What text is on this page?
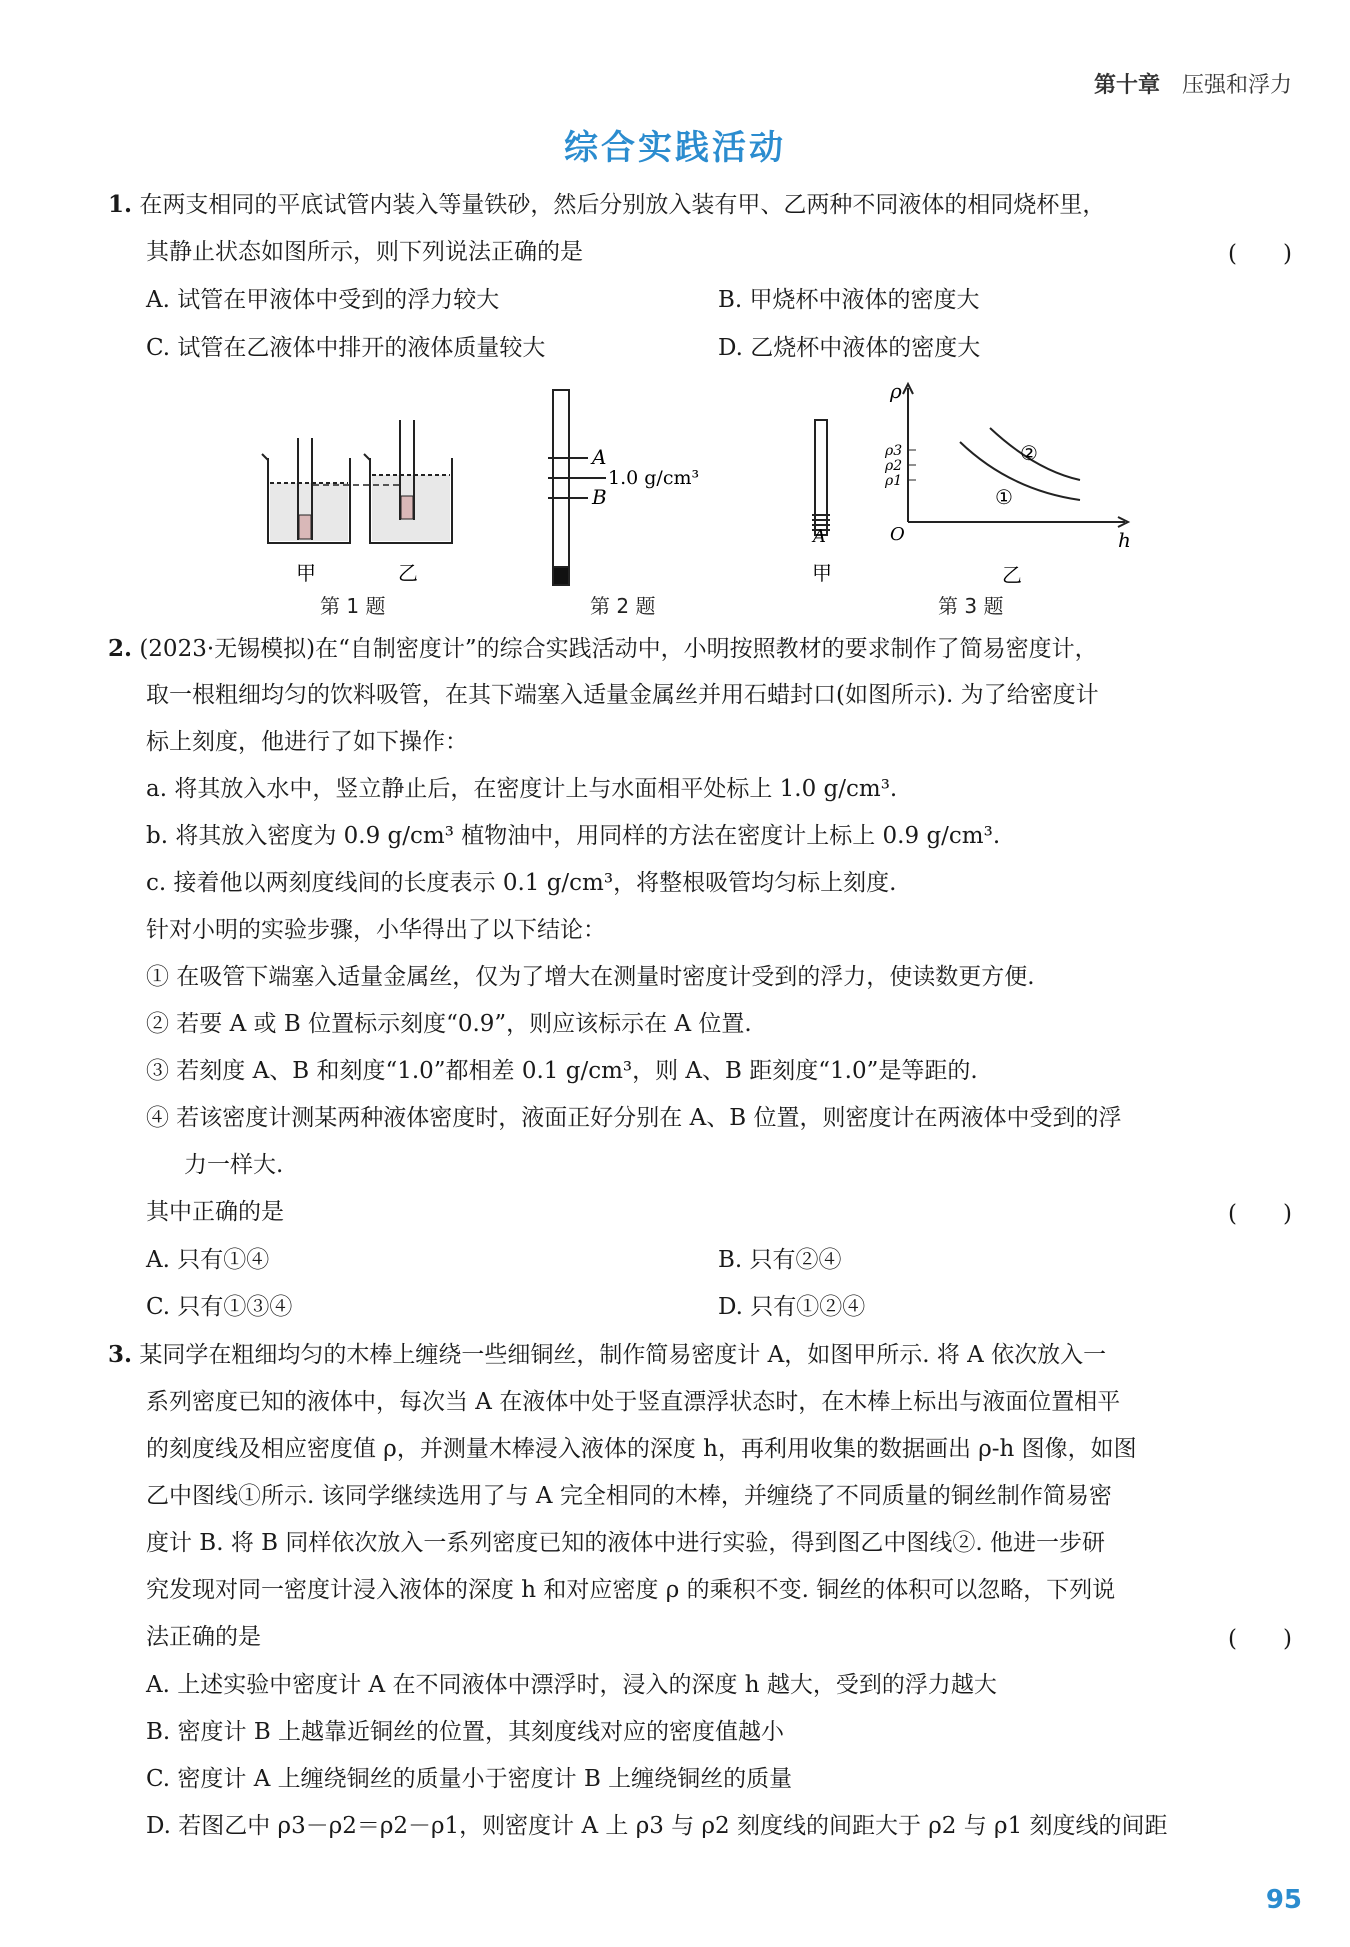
第十章 压强和浮力
综合实践活动
1. 在两支相同的平底试管内装入等量铁砂，然后分别放入装有甲、乙两种不同液体的相同烧杯里，
其静止状态如图所示，则下列说法正确的是	(　　)
A. 试管在甲液体中受到的浮力较大	B. 甲烧杯中液体的密度大
C. 试管在乙液体中排开的液体质量较大	D. 乙烧杯中液体的密度大
甲	乙
A
1.0 g/cm³
B
A
甲
ρ
ρ3
ρ2
ρ1
O	h
②
①
乙
第 1 题	第 2 题	第 3 题
2. (2023·无锡模拟)在“自制密度计”的综合实践活动中，小明按照教材的要求制作了简易密度计，
取一根粗细均匀的饮料吸管，在其下端塞入适量金属丝并用石蜡封口(如图所示). 为了给密度计
标上刻度，他进行了如下操作：
a. 将其放入水中，竖立静止后，在密度计上与水面相平处标上 1.0 g/cm³.
b. 将其放入密度为 0.9 g/cm³ 植物油中，用同样的方法在密度计上标上 0.9 g/cm³.
c. 接着他以两刻度线间的长度表示 0.1 g/cm³，将整根吸管均匀标上刻度.
针对小明的实验步骤，小华得出了以下结论：
① 在吸管下端塞入适量金属丝，仅为了增大在测量时密度计受到的浮力，使读数更方便.
② 若要 A 或 B 位置标示刻度“0.9”，则应该标示在 A 位置.
③ 若刻度 A、B 和刻度“1.0”都相差 0.1 g/cm³，则 A、B 距刻度“1.0”是等距的.
④ 若该密度计测某两种液体密度时，液面正好分别在 A、B 位置，则密度计在两液体中受到的浮
力一样大.
其中正确的是	(　　)
A. 只有①④	B. 只有②④
C. 只有①③④	D. 只有①②④
3. 某同学在粗细均匀的木棒上缠绕一些细铜丝，制作简易密度计 A，如图甲所示. 将 A 依次放入一
系列密度已知的液体中，每次当 A 在液体中处于竖直漂浮状态时，在木棒上标出与液面位置相平
的刻度线及相应密度值 ρ，并测量木棒浸入液体的深度 h，再利用收集的数据画出 ρ-h 图像，如图
乙中图线①所示. 该同学继续选用了与 A 完全相同的木棒，并缠绕了不同质量的铜丝制作简易密
度计 B. 将 B 同样依次放入一系列密度已知的液体中进行实验，得到图乙中图线②. 他进一步研
究发现对同一密度计浸入液体的深度 h 和对应密度 ρ 的乘积不变. 铜丝的体积可以忽略，下列说
法正确的是	(　　)
A. 上述实验中密度计 A 在不同液体中漂浮时，浸入的深度 h 越大，受到的浮力越大
B. 密度计 B 上越靠近铜丝的位置，其刻度线对应的密度值越小
C. 密度计 A 上缠绕铜丝的质量小于密度计 B 上缠绕铜丝的质量
D. 若图乙中 ρ3－ρ2＝ρ2－ρ1，则密度计 A 上 ρ3 与 ρ2 刻度线的间距大于 ρ2 与 ρ1 刻度线的间距
95
